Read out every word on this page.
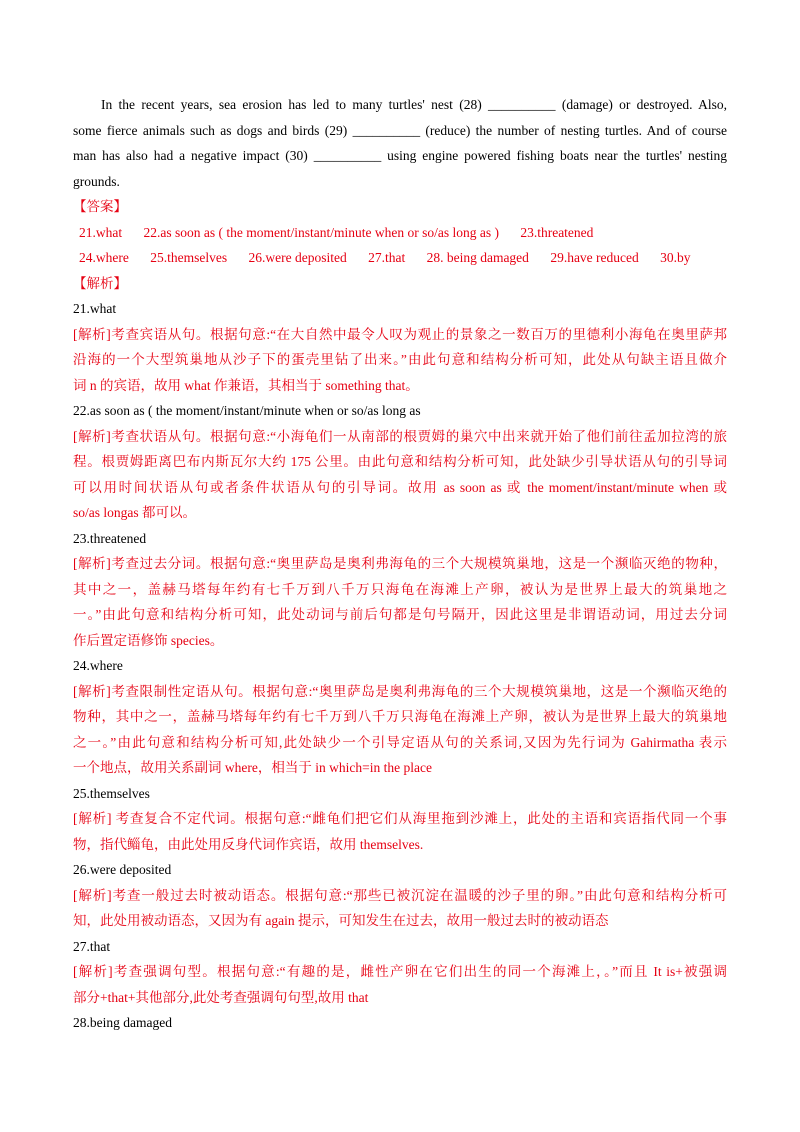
In the recent years, sea erosion has led to many turtles' nest (28) __________ (damage) or destroyed. Also,
some fierce animals such as dogs and birds (29) __________ (reduce) the number of nesting turtles. And of course
man has also had a negative impact (30) __________ using engine powered fishing boats near the turtles' nesting
grounds.
【答案】
21.what 22.as soon as ( the moment/instant/minute when or so/as long as ) 23.threatened
24.where 25.themselves 26.were deposited 27.that 28. being damaged 29.have reduced 30.by
【解析】
21.what
[解析]考查宾语从句。根据句意:“在大自然中最令人叹为观止的景象之一数百万的里德利小海龟在奥里萨邦
沿海的一个大型筑巢地从沙子下的蛋壳里钻了出来。”由此句意和结构分析可知，此处从句缺主语且做介
词 n 的宾语，故用 what 作兼语，其相当于 something that。
22.as soon as ( the moment/instant/minute when or so/as long as
[解析]考查状语从句。根据句意:“小海龟们一从南部的根贾姆的巢穴中出来就开始了他们前往孟加拉湾的旅
程。根贾姆距离巴布内斯瓦尔大约 175 公里。由此句意和结构分析可知，此处缺少引导状语从句的引导词
可以用时间状语从句或者条件状语从句的引导词。故用 as soon as 或 the moment/instant/minute when 或
so/as longas 都可以。
23.threatened
[解析]考查过去分词。根据句意:“奥里萨岛是奥利弗海龟的三个大规模筑巢地，这是一个濒临灭绝的物种，
其中之一，盖赫马塔每年约有七千万到八千万只海龟在海滩上产卵，被认为是世界上最大的筑巢地之
一。”由此句意和结构分析可知，此处动词与前后句都是句号隔开，因此这里是非谓语动词，用过去分词
作后置定语修饰 species。
24.where
[解析]考查限制性定语从句。根据句意:“奥里萨岛是奥利弗海龟的三个大规模筑巢地，这是一个濒临灭绝的
物种，其中之一，盖赫马塔每年约有七千万到八千万只海龟在海滩上产卵，被认为是世界上最大的筑巢地
之一。”由此句意和结构分析可知,此处缺少一个引导定语从句的关系词,又因为先行词为 Gahirmatha 表示
一个地点，故用关系副词 where，相当于 in which=in the place
25.themselves
[解析] 考查复合不定代词。根据句意:“雌龟们把它们从海里拖到沙滩上，此处的主语和宾语指代同一个事
物，指代鲻龟，由此处用反身代词作宾语，故用 themselves.
26.were deposited
[解析]考查一般过去时被动语态。根据句意:“那些已被沉淀在温暖的沙子里的卵。”由此句意和结构分析可
知，此处用被动语态，又因为有 again 提示，可知发生在过去，故用一般过去时的被动语态
27.that
[解析]考查强调句型。根据句意:“有趣的是，雌性产卵在它们出生的同一个海滩上，。”而且 It is+被强调
部分+that+其他部分,此处考查强调句句型,故用 that
28.being damaged
